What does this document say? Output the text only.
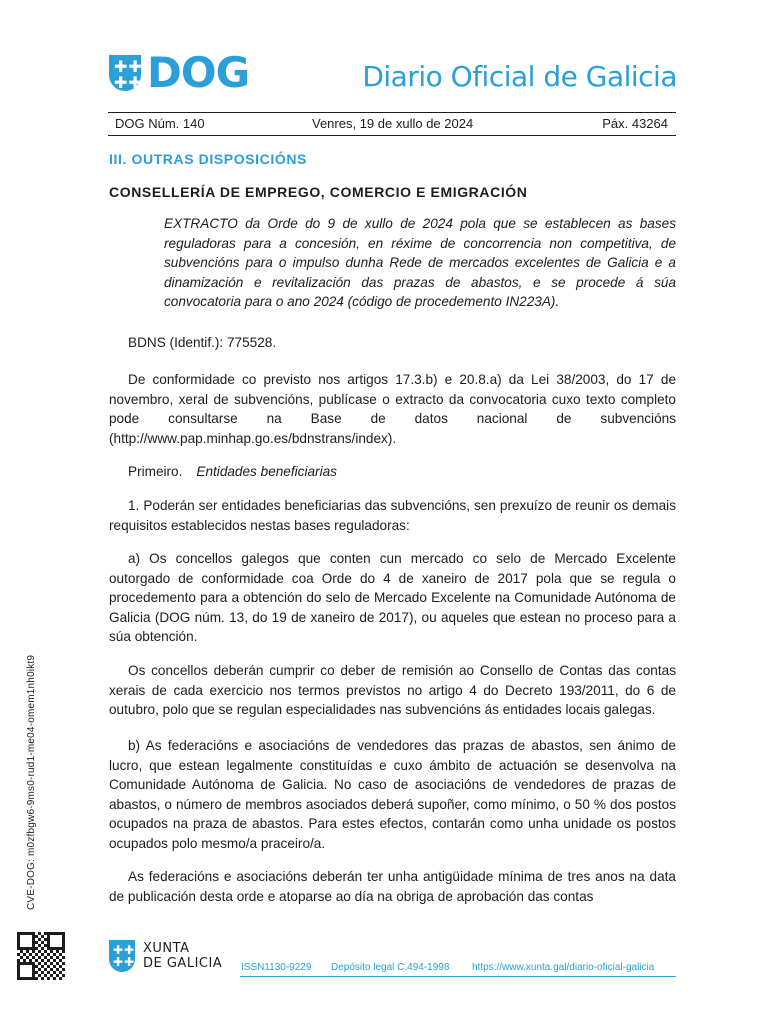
✚✚
✚✚ DOG	Diario Oficial de Galicia
DOG Núm. 140	Venres, 19 de xullo de 2024	Páx. 43264
III. OUTRAS DISPOSICIÓNS
CONSELLERÍA DE EMPREGO, COMERCIO E EMIGRACIÓN

EXTRACTO da Orde do 9 de xullo de 2024 pola que se establecen as bases reguladoras para a concesión, en réxime de concorrencia non competitiva, de subvencións para o impulso dunha Rede de mercados excelentes de Galicia e a dinamización e revitalización das prazas de abastos, e se procede á súa convocatoria para o ano 2024 (código de procedemento IN223A).

BDNS (Identif.): 775528.

De conformidade co previsto nos artigos 17.3.b) e 20.8.a) da Lei 38/2003, do 17 de novembro, xeral de subvencións, publícase o extracto da convocatoria cuxo texto completo pode consultarse na Base de datos nacional de subvencións (http://www.pap.minhap.go.es/bdnstrans/index).

Primeiro. Entidades beneficiarias

1. Poderán ser entidades beneficiarias das subvencións, sen prexuízo de reunir os demais requisitos establecidos nestas bases reguladoras:

a) Os concellos galegos que conten cun mercado co selo de Mercado Excelente outorgado de conformidade coa Orde do 4 de xaneiro de 2017 pola que se regula o procedemento para a obtención do selo de Mercado Excelente na Comunidade Autónoma de Galicia (DOG núm. 13, do 19 de xaneiro de 2017), ou aqueles que estean no proceso para a súa obtención.

Os concellos deberán cumprir co deber de remisión ao Consello de Contas das contas xerais de cada exercicio nos termos previstos no artigo 4 do Decreto 193/2011, do 6 de outubro, polo que se regulan especialidades nas subvencións ás entidades locais galegas.

b) As federacións e asociacións de vendedores das prazas de abastos, sen ánimo de lucro, que estean legalmente constituídas e cuxo ámbito de actuación se desenvolva na Comunidade Autónoma de Galicia. No caso de asociacións de vendedores de prazas de abastos, o número de membros asociados deberá supoñer, como mínimo, o 50 % dos postos ocupados na praza de abastos. Para estes efectos, contarán como unha unidade os postos ocupados polo mesmo/a praceiro/a.

As federacións e asociacións deberán ter unha antigüidade mínima de tres anos na data de publicación desta orde e atoparse ao día na obriga de aprobación das contas

CVE-DOG: m0zfbgw6-9ms0-rud1-me04-omem1nh0ikt9
✚✚
✚✚
XUNTA
DE GALICIA ISSN1130-9229 Depósito legal C.494-1998 https://www.xunta.gal/diario-oficial-galicia
